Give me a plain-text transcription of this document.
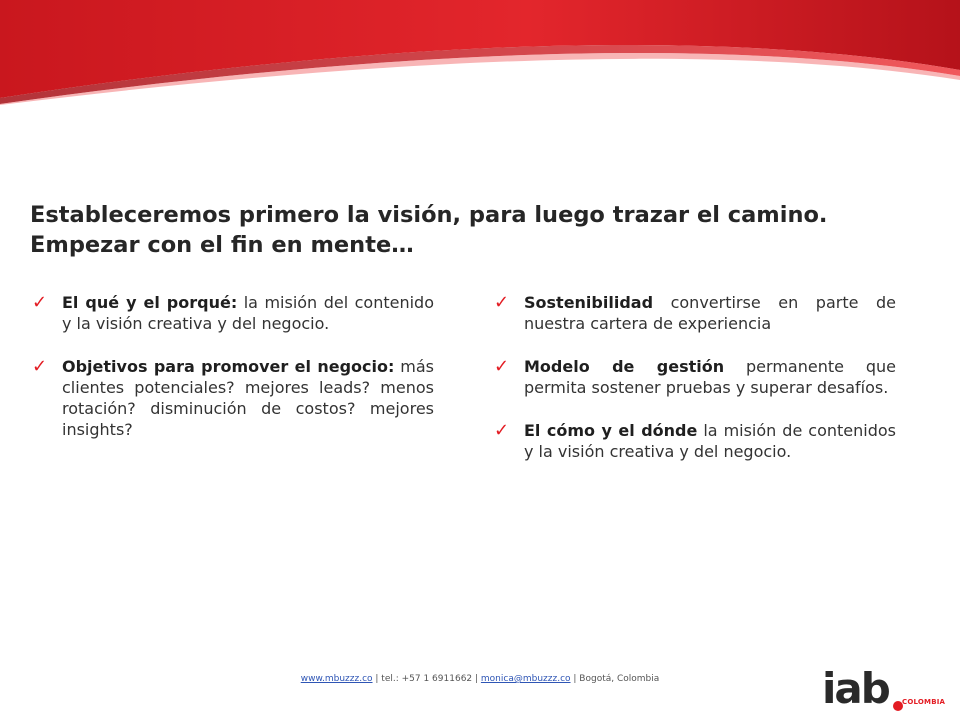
Estableceremos primero la visión, para luego trazar el camino.
Empezar con el fin en mente…
✓ El qué y el porqué: la misión del contenido y la visión creativa y del negocio.
✓ Objetivos para promover el negocio: más clientes potenciales? mejores leads? menos rotación? disminución de costos? mejores insights?
✓ Sostenibilidad convertirse en parte de nuestra cartera de experiencia
✓ Modelo de gestión permanente que permita sostener pruebas y superar desafíos.
✓ El cómo y el dónde la misión de contenidos y la visión creativa y del negocio.
www.mbuzzz.co | tel.: +57 1 6911662 | monica@mbuzzz.co | Bogotá, Colombia	iab COLOMBIA
